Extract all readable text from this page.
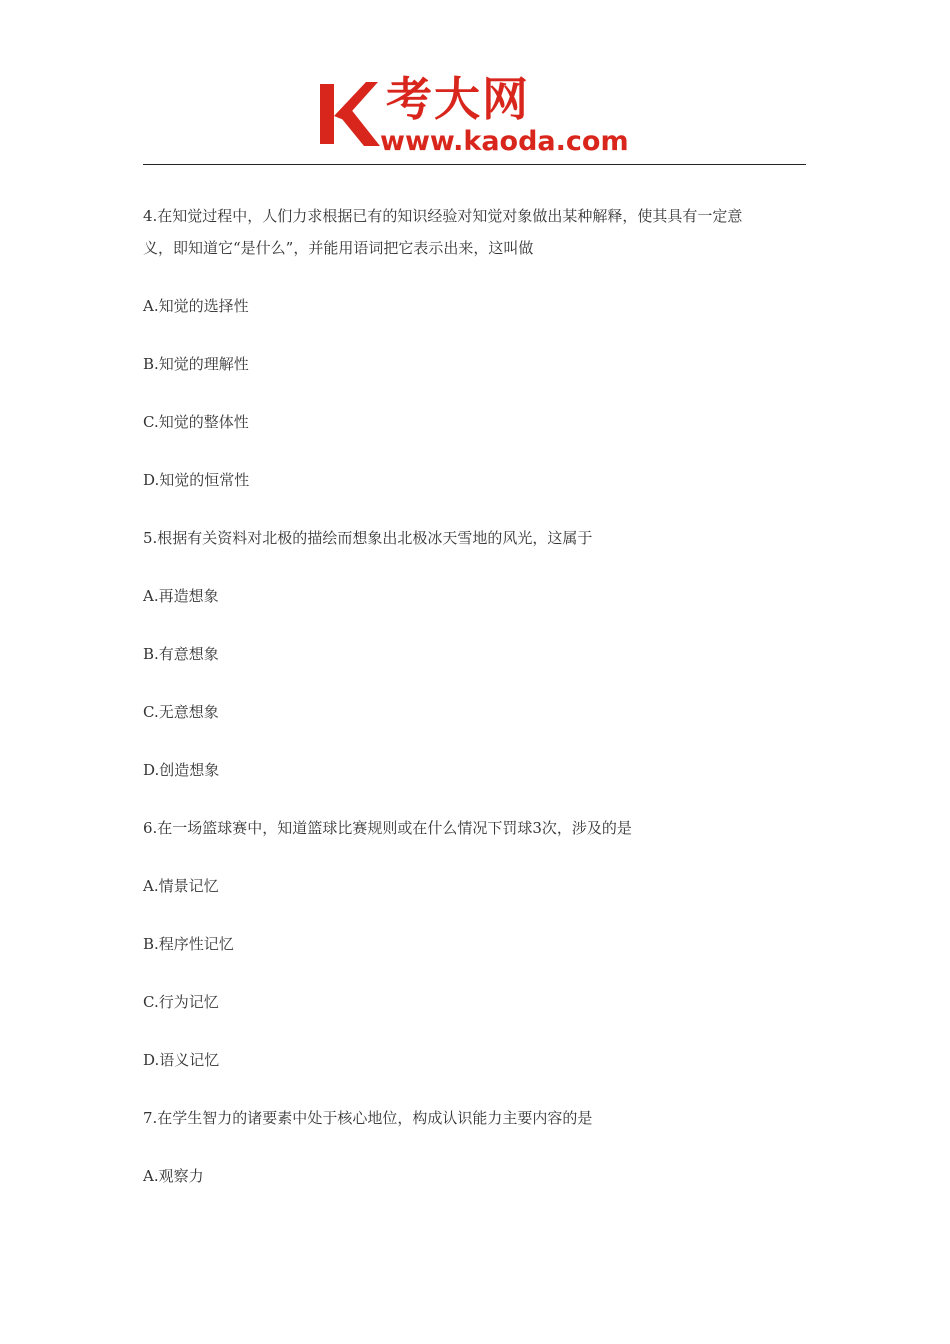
考大网
www.kaoda.com
4.在知觉过程中，人们力求根据已有的知识经验对知觉对象做出某种解释，使其具有一定意
义，即知道它“是什么”，并能用语词把它表示出来，这叫做
A.知觉的选择性
B.知觉的理解性
C.知觉的整体性
D.知觉的恒常性
5.根据有关资料对北极的描绘而想象出北极冰天雪地的风光，这属于
A.再造想象
B.有意想象
C.无意想象
D.创造想象
6.在一场篮球赛中，知道篮球比赛规则或在什么情况下罚球3次，涉及的是
A.情景记忆
B.程序性记忆
C.行为记忆
D.语义记忆
7.在学生智力的诸要素中处于核心地位，构成认识能力主要内容的是
A.观察力
